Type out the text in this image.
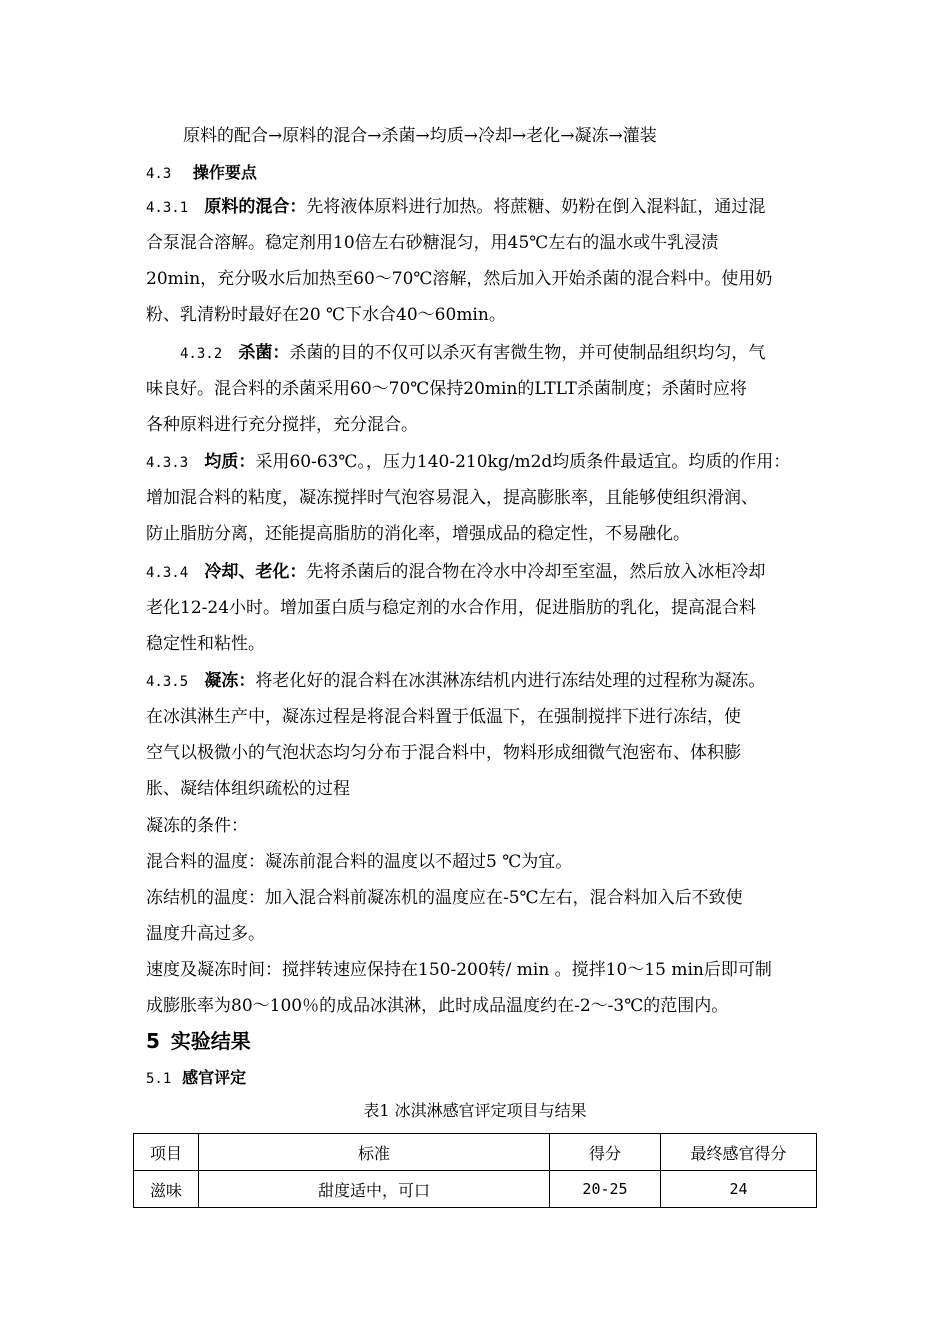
原料的配合→原料的混合→杀菌→均质→冷却→老化→凝冻→灌装

4.3 操作要点

4.3.1 原料的混合：先将液体原料进行加热。将蔗糖、奶粉在倒入混料缸，通过混

合泵混合溶解。稳定剂用10倍左右砂糖混匀，用45℃左右的温水或牛乳浸渍

20min，充分吸水后加热至60～70℃溶解，然后加入开始杀菌的混合料中。使用奶

粉、乳清粉时最好在20 ℃下水合40～60min。

4.3.2 杀菌：杀菌的目的不仅可以杀灭有害微生物，并可使制品组织均匀，气

味良好。混合料的杀菌采用60～70℃保持20min的LTLT杀菌制度；杀菌时应将

各种原料进行充分搅拌，充分混合。

4.3.3 均质：采用60-63℃。，压力140-210kg/m2d均质条件最适宜。均质的作用：

增加混合料的粘度，凝冻搅拌时气泡容易混入，提高膨胀率，且能够使组织滑润、

防止脂肪分离，还能提高脂肪的消化率，增强成品的稳定性，不易融化。

4.3.4 冷却、老化：先将杀菌后的混合物在冷水中冷却至室温，然后放入冰柜冷却

老化12-24小时。增加蛋白质与稳定剂的水合作用，促进脂肪的乳化，提高混合料

稳定性和粘性。

4.3.5 凝冻：将老化好的混合料在冰淇淋冻结机内进行冻结处理的过程称为凝冻。

在冰淇淋生产中，凝冻过程是将混合料置于低温下，在强制搅拌下进行冻结，使

空气以极微小的气泡状态均匀分布于混合料中，物料形成细微气泡密布、体积膨

胀、凝结体组织疏松的过程

凝冻的条件：

混合料的温度：凝冻前混合料的温度以不超过5 ℃为宜。

冻结机的温度：加入混合料前凝冻机的温度应在-5℃左右，混合料加入后不致使

温度升高过多。

速度及凝冻时间：搅拌转速应保持在150-200转/ min 。搅拌10～15 min后即可制

成膨胀率为80～100％的成品冰淇淋，此时成品温度约在-2～-3℃的范围内。

5 实验结果

5.1 感官评定

表1 冰淇淋感官评定项目与结果
项目	标准	得分	最终感官得分
滋味	甜度适中，可口	20-25	24
